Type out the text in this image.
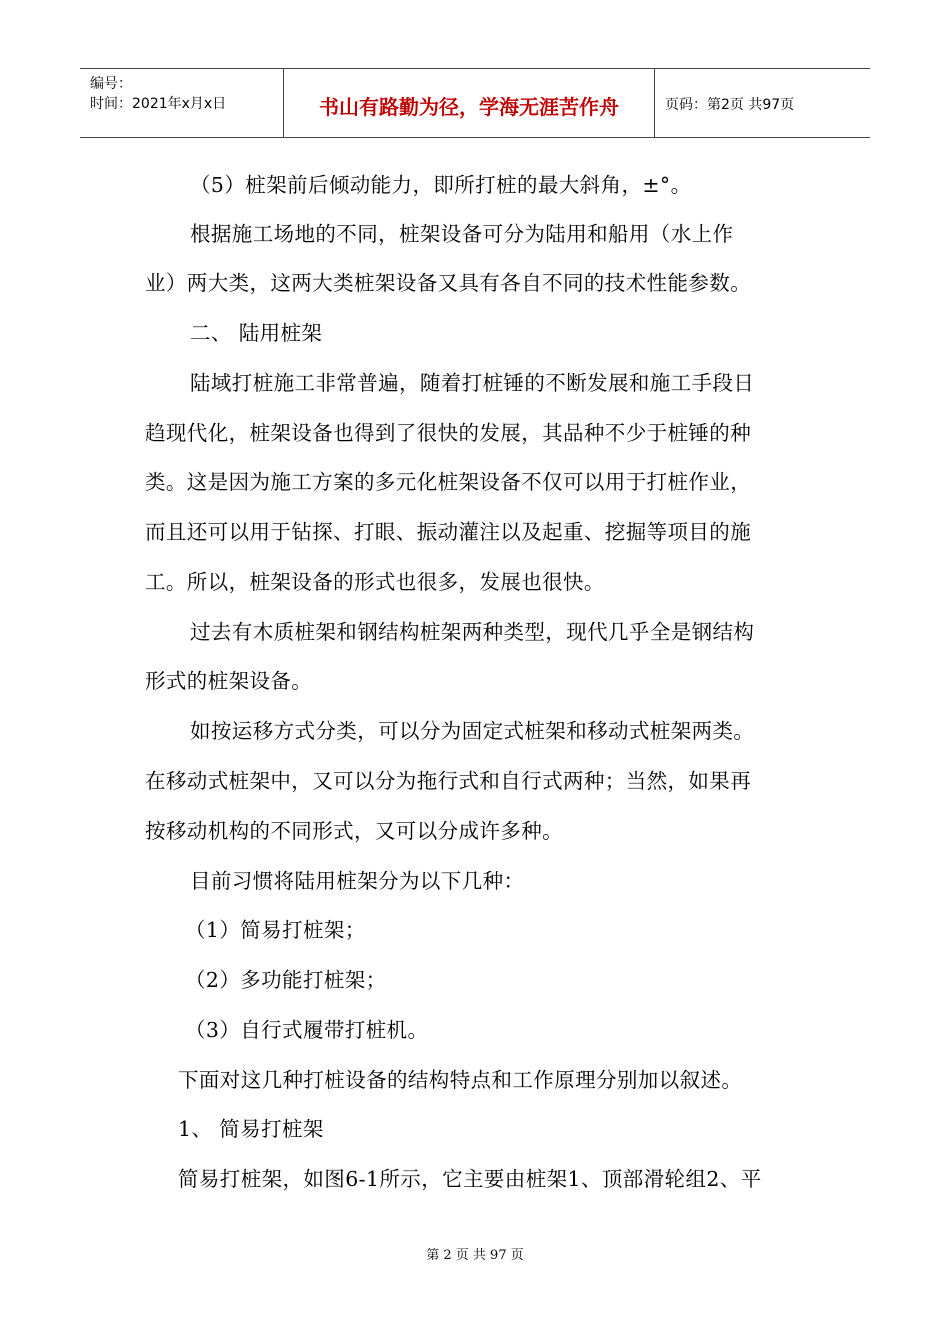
编号：
时间：2021年x月x日	书山有路勤为径，学海无涯苦作舟	页码：第2页 共97页
（5）桩架前后倾动能力，即所打桩的最大斜角，±°。
根据施工场地的不同，桩架设备可分为陆用和船用（水上作
业）两大类，这两大类桩架设备又具有各自不同的技术性能参数。
二、 陆用桩架
陆域打桩施工非常普遍，随着打桩锤的不断发展和施工手段日
趋现代化，桩架设备也得到了很快的发展，其品种不少于桩锤的种
类。这是因为施工方案的多元化桩架设备不仅可以用于打桩作业，
而且还可以用于钻探、打眼、振动灌注以及起重、挖掘等项目的施
工。所以，桩架设备的形式也很多，发展也很快。
过去有木质桩架和钢结构桩架两种类型，现代几乎全是钢结构
形式的桩架设备。
如按运移方式分类，可以分为固定式桩架和移动式桩架两类。
在移动式桩架中，又可以分为拖行式和自行式两种；当然，如果再
按移动机构的不同形式，又可以分成许多种。
目前习惯将陆用桩架分为以下几种：
（1）简易打桩架；
（2）多功能打桩架；
（3）自行式履带打桩机。
下面对这几种打桩设备的结构特点和工作原理分别加以叙述。
1、 简易打桩架
简易打桩架，如图6-1所示，它主要由桩架1、顶部滑轮组2、平
第 2 页 共 97 页
